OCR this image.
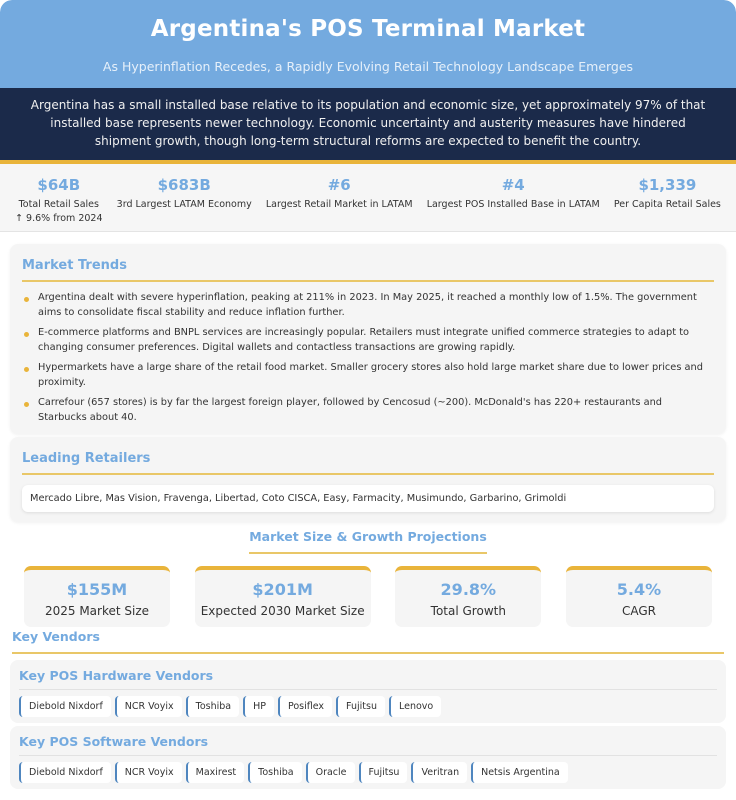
Argentina's POS Terminal Market
As Hyperinflation Recedes, a Rapidly Evolving Retail Technology Landscape Emerges
Argentina has a small installed base relative to its population and economic size, yet approximately 97% of that installed base represents newer technology. Economic uncertainty and austerity measures have hindered shipment growth, though long-term structural reforms are expected to benefit the country.
$64B
Total Retail Sales
↑ 9.6% from 2024
$683B
3rd Largest LATAM Economy
#6
Largest Retail Market in LATAM
#4
Largest POS Installed Base in LATAM
$1,339
Per Capita Retail Sales
Market Trends
Argentina dealt with severe hyperinflation, peaking at 211% in 2023. In May 2025, it reached a monthly low of 1.5%. The government aims to consolidate fiscal stability and reduce inflation further.
E-commerce platforms and BNPL services are increasingly popular. Retailers must integrate unified commerce strategies to adapt to changing consumer preferences. Digital wallets and contactless transactions are growing rapidly.
Hypermarkets have a large share of the retail food market. Smaller grocery stores also hold large market share due to lower prices and proximity.
Carrefour (657 stores) is by far the largest foreign player, followed by Cencosud (~200). McDonald's has 220+ restaurants and Starbucks about 40.
Leading Retailers
Mercado Libre, Mas Vision, Fravenga, Libertad, Coto CISCA, Easy, Farmacity, Musimundo, Garbarino, Grimoldi
Market Size & Growth Projections
$155M
2025 Market Size
$201M
Expected 2030 Market Size
29.8%
Total Growth
5.4%
CAGR
Key Vendors
Key POS Hardware Vendors
Diebold Nixdorf	NCR Voyix	Toshiba	HP	Posiflex	Fujitsu	Lenovo
Key POS Software Vendors
Diebold Nixdorf	NCR Voyix	Maxirest	Toshiba	Oracle	Fujitsu	Veritran	Netsis Argentina
